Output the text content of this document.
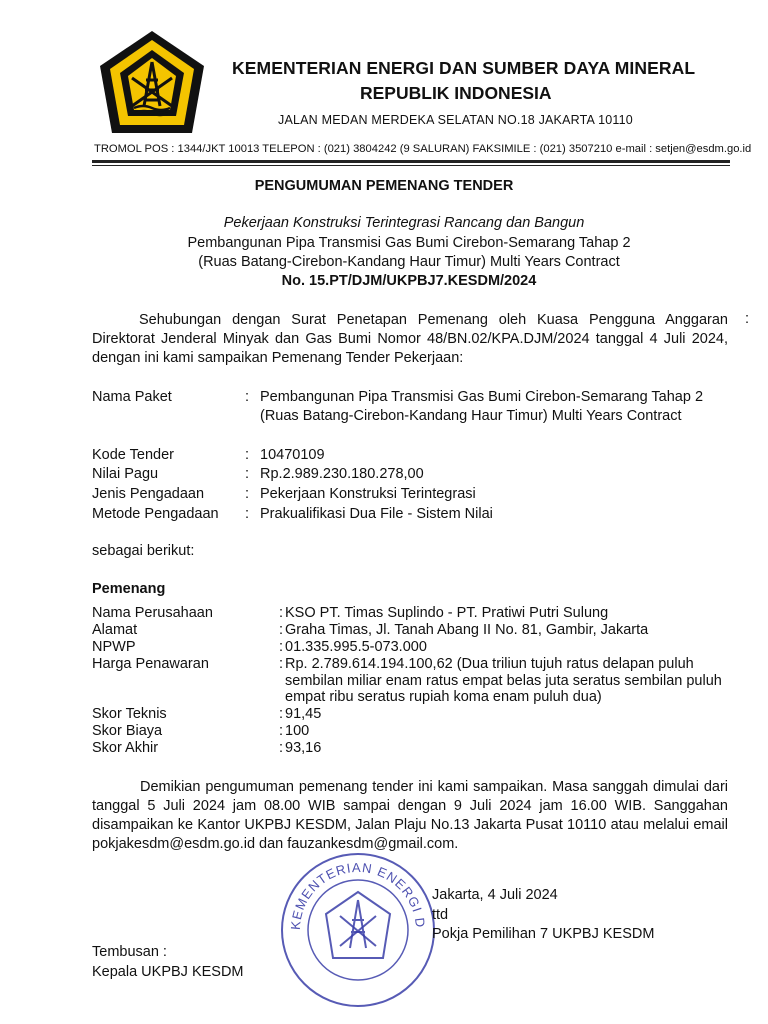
KEMENTERIAN ENERGI DAN SUMBER DAYA MINERAL
REPUBLIK INDONESIA
JALAN MEDAN MERDEKA SELATAN NO.18 JAKARTA 10110
TROMOL POS : 1344/JKT 10013 TELEPON : (021) 3804242 (9 SALURAN) FAKSIMILE : (021) 3507210 e-mail : setjen@esdm.go.id
PENGUMUMAN PEMENANG TENDER
Pekerjaan Konstruksi Terintegrasi Rancang dan Bangun
Pembangunan Pipa Transmisi Gas Bumi Cirebon-Semarang Tahap 2
(Ruas Batang-Cirebon-Kandang Haur Timur) Multi Years Contract
No. 15.PT/DJM/UKPBJ7.KESDM/2024
Sehubungan dengan Surat Penetapan Pemenang oleh Kuasa Pengguna Anggaran Direktorat Jenderal Minyak dan Gas Bumi Nomor 48/BN.02/KPA.DJM/2024 tanggal 4 Juli 2024, dengan ini kami sampaikan Pemenang Tender Pekerjaan:
:
Nama Paket	: Pembangunan Pipa Transmisi Gas Bumi Cirebon-Semarang Tahap 2 (Ruas Batang-Cirebon-Kandang Haur Timur) Multi Years Contract
Kode Tender	: 10470109
Nilai Pagu	: Rp.2.989.230.180.278,00
Jenis Pengadaan	: Pekerjaan Konstruksi Terintegrasi
Metode Pengadaan : Prakualifikasi Dua File - Sistem Nilai
sebagai berikut:
Pemenang
Nama Perusahaan	: KSO PT. Timas Suplindo - PT. Pratiwi Putri Sulung
Alamat	: Graha Timas, Jl. Tanah Abang II No. 81, Gambir, Jakarta
NPWP	: 01.335.995.5-073.000
Harga Penawaran	: Rp. 2.789.614.194.100,62 (Dua triliun tujuh ratus delapan puluh sembilan miliar enam ratus empat belas juta seratus sembilan puluh empat ribu seratus rupiah koma enam puluh dua)
Skor Teknis	: 91,45
Skor Biaya	: 100
Skor Akhir	: 93,16
Demikian pengumuman pemenang tender ini kami sampaikan. Masa sanggah dimulai dari tanggal 5 Juli 2024 jam 08.00 WIB sampai dengan 9 Juli 2024 jam 16.00 WIB. Sanggahan disampaikan ke Kantor UKPBJ KESDM, Jalan Plaju No.13 Jakarta Pusat 10110 atau melalui email pokjakesdm@esdm.go.id dan fauzankesdm@gmail.com.
KEMENTERIAN ENERGI D
Jakarta, 4 Juli 2024
ttd
Pokja Pemilihan 7 UKPBJ KESDM
Tembusan :
Kepala UKPBJ KESDM
